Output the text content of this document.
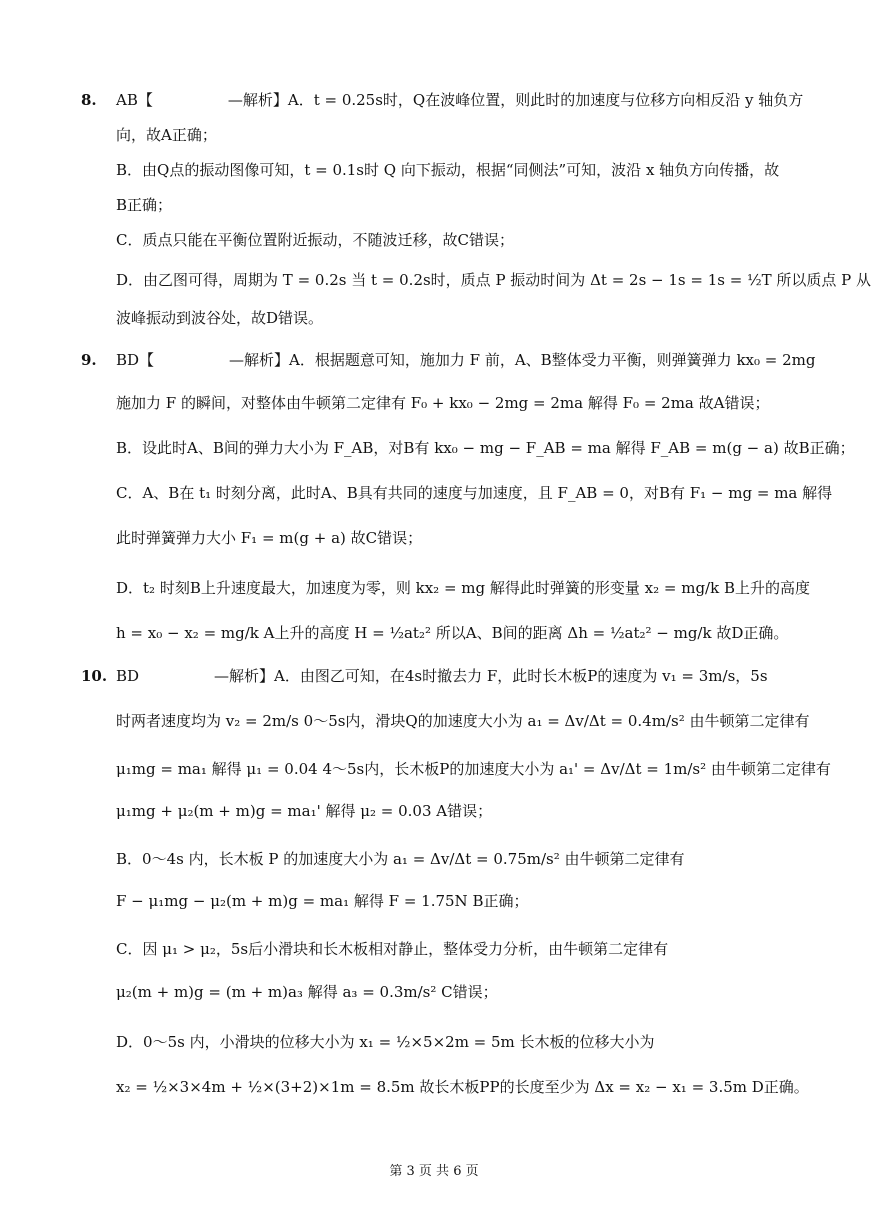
8. AB【　　　　　—解析】A．t = 0.25s时，Q在波峰位置，则此时的加速度与位移方向相反沿 y 轴负方
向，故A正确；
B．由Q点的振动图像可知，t = 0.1s时 Q 向下振动，根据“同侧法”可知，波沿 x 轴负方向传播，故
B正确；
C．质点只能在平衡位置附近振动，不随波迁移，故C错误；
D．由乙图可得，周期为 T = 0.2s 当 t = 0.2s时，质点 P 振动时间为 Δt = 2s − 1s = 1s = ½T 所以质点 P 从
波峰振动到波谷处，故D错误。
9. BD【　　　　　—解析】A．根据题意可知，施加力 F 前，A、B整体受力平衡，则弹簧弹力 kx₀ = 2mg
施加力 F 的瞬间，对整体由牛顿第二定律有 F₀ + kx₀ − 2mg = 2ma 解得 F₀ = 2ma 故A错误；
B．设此时A、B间的弹力大小为 F_AB，对B有 kx₀ − mg − F_AB = ma 解得 F_AB = m(g − a) 故B正确；
C．A、B在 t₁ 时刻分离，此时A、B具有共同的速度与加速度，且 F_AB = 0，对B有 F₁ − mg = ma 解得
此时弹簧弹力大小 F₁ = m(g + a) 故C错误；
D．t₂ 时刻B上升速度最大，加速度为零，则 kx₂ = mg 解得此时弹簧的形变量 x₂ = mg/k B上升的高度
h = x₀ − x₂ = mg/k A上升的高度 H = ½at₂² 所以A、B间的距离 Δh = ½at₂² − mg/k 故D正确。
10. BD　　　　　—解析】A．由图乙可知，在4s时撤去力 F，此时长木板P的速度为 v₁ = 3m/s，5s
时两者速度均为 v₂ = 2m/s 0～5s内，滑块Q的加速度大小为 a₁ = Δv/Δt = 0.4m/s² 由牛顿第二定律有
μ₁mg = ma₁ 解得 μ₁ = 0.04 4～5s内，长木板P的加速度大小为 a₁' = Δv/Δt = 1m/s² 由牛顿第二定律有
μ₁mg + μ₂(m + m)g = ma₁' 解得 μ₂ = 0.03 A错误；
B．0～4s 内，长木板 P 的加速度大小为 a₁ = Δv/Δt = 0.75m/s² 由牛顿第二定律有
F − μ₁mg − μ₂(m + m)g = ma₁ 解得 F = 1.75N B正确；
C．因 μ₁ > μ₂，5s后小滑块和长木板相对静止，整体受力分析，由牛顿第二定律有
μ₂(m + m)g = (m + m)a₃ 解得 a₃ = 0.3m/s² C错误；
D．0～5s 内，小滑块的位移大小为 x₁ = ½×5×2m = 5m 长木板的位移大小为
x₂ = ½×3×4m + ½×(3+2)×1m = 8.5m 故长木板PP的长度至少为 Δx = x₂ − x₁ = 3.5m D正确。
第 3 页 共 6 页
